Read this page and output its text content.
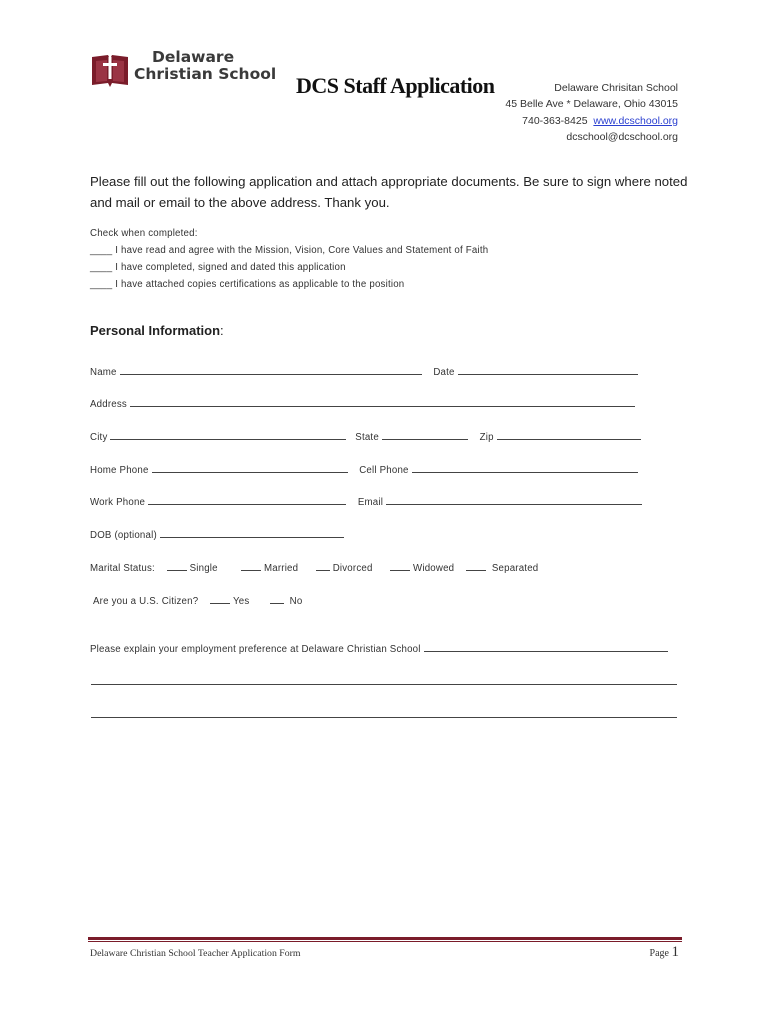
Delaware
Christian School DCS Staff Application	Delaware Chrisitan School
45 Belle Ave * Delaware, Ohio 43015
740-363-8425 www.dcschool.org
dcschool@dcschool.org
Please fill out the following application and attach appropriate documents. Be sure to sign where noted and mail or email to the above address. Thank you.
Check when completed:
____ I have read and agree with the Mission, Vision, Core Values and Statement of Faith
____ I have completed, signed and dated this application
____ I have attached copies certifications as applicable to the position
Personal Information:
Name	Date
Address
City	State	Zip
Home Phone	Cell Phone
Work Phone	Email
DOB (optional)
Marital Status:	Single	Married	Divorced	Widowed	Separated
Are you a U.S. Citizen?	Yes	No
Please explain your employment preference at Delaware Christian School
Delaware Christian School Teacher Application Form	Page 1
